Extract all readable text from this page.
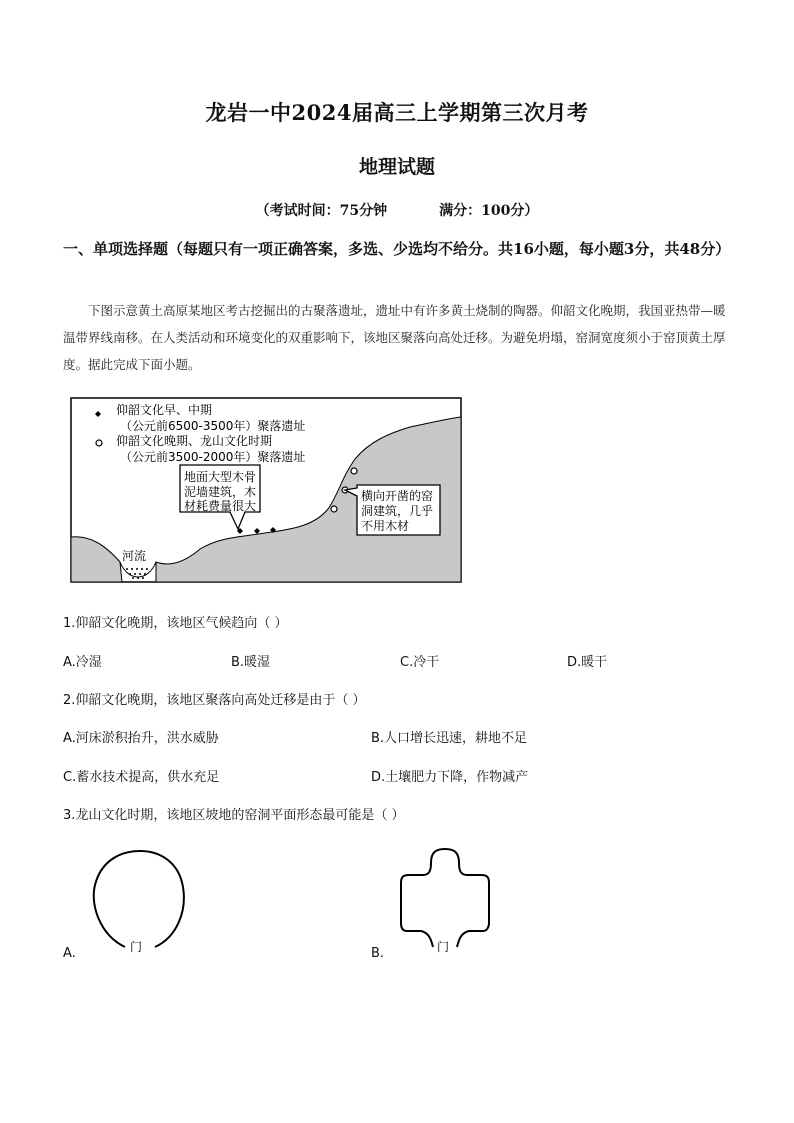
龙岩一中2024届高三上学期第三次月考
地理试题
（考试时间：75分钟	满分：100分）
一、单项选择题（每题只有一项正确答案，多选、少选均不给分。共16小题，每小题3分，共48分）
下图示意黄土高原某地区考古挖掘出的古聚落遗址，遗址中有许多黄土烧制的陶器。仰韶文化晚期，我国亚热带—暖温带界线南移。在人类活动和环境变化的双重影响下，该地区聚落向高处迁移。为避免坍塌，窑洞宽度须小于窑顶黄土厚度。据此完成下面小题。
河流
仰韶文化早、中期
（公元前6500-3500年）聚落遗址
仰韶文化晚期、龙山文化时期
（公元前3500-2000年）聚落遗址
地面大型木骨
泥墙建筑，木
材耗费量很大
横向开凿的窑
洞建筑，几乎
不用木材
1.仰韶文化晚期，该地区气候趋向（ ）
A.冷湿	B.暖湿	C.冷干	D.暖干
2.仰韶文化晚期，该地区聚落向高处迁移是由于（ ）
A.河床淤积抬升，洪水威胁	B.人口增长迅速，耕地不足
C.蓄水技术提高，供水充足	D.土壤肥力下降，作物减产
3.龙山文化时期，该地区坡地的窑洞平面形态最可能是（ ）
门
A.	门
B.
